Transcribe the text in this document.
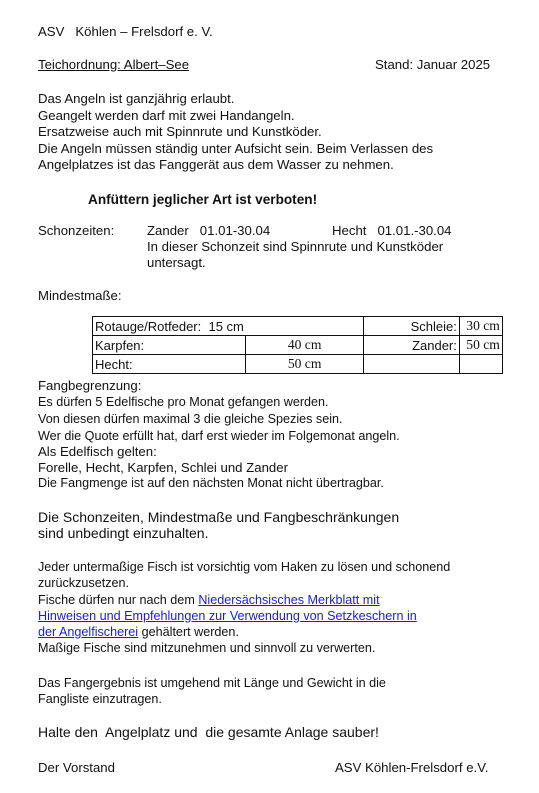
ASV Köhlen – Frelsdorf e. V.
Teichordnung: Albert–See	Stand: Januar 2025
Das Angeln ist ganzjährig erlaubt.
Geangelt werden darf mit zwei Handangeln.
Ersatzweise auch mit Spinnrute und Kunstköder.
Die Angeln müssen ständig unter Aufsicht sein. Beim Verlassen des
Angelplatzes ist das Fanggerät aus dem Wasser zu nehmen.
Anfüttern jeglicher Art ist verboten!
Schonzeiten: Zander   01.01-30.04	Hecht   01.01.-30.04
In dieser Schonzeit sind Spinnrute und Kunstköder
untersagt.
Mindestmaße:
Rotauge/Rotfeder: 15 cm		Schleie:	30 cm
Karpfen:	40 cm	Zander:	50 cm
Hecht:	50 cm		
Fangbegrenzung:
Es dürfen 5 Edelfische pro Monat gefangen werden.
Von diesen dürfen maximal 3 die gleiche Spezies sein.
Wer die Quote erfüllt hat, darf erst wieder im Folgemonat angeln.
Als Edelfisch gelten:
Forelle, Hecht, Karpfen, Schlei und Zander
Die Fangmenge ist auf den nächsten Monat nicht übertragbar.
Die Schonzeiten, Mindestmaße und Fangbeschränkungen
sind unbedingt einzuhalten.
Jeder untermaßige Fisch ist vorsichtig vom Haken zu lösen und schonend
zurückzusetzen.
Fische dürfen nur nach dem Niedersächsisches Merkblatt mit
Hinweisen und Empfehlungen zur Verwendung von Setzkeschern in
der Angelfischerei gehältert werden.
Maßige Fische sind mitzunehmen und sinnvoll zu verwerten.
Das Fangergebnis ist umgehend mit Länge und Gewicht in die
Fangliste einzutragen.
Halte den  Angelplatz und  die gesamte Anlage sauber!
Der Vorstand	ASV Köhlen-Frelsdorf e.V.
